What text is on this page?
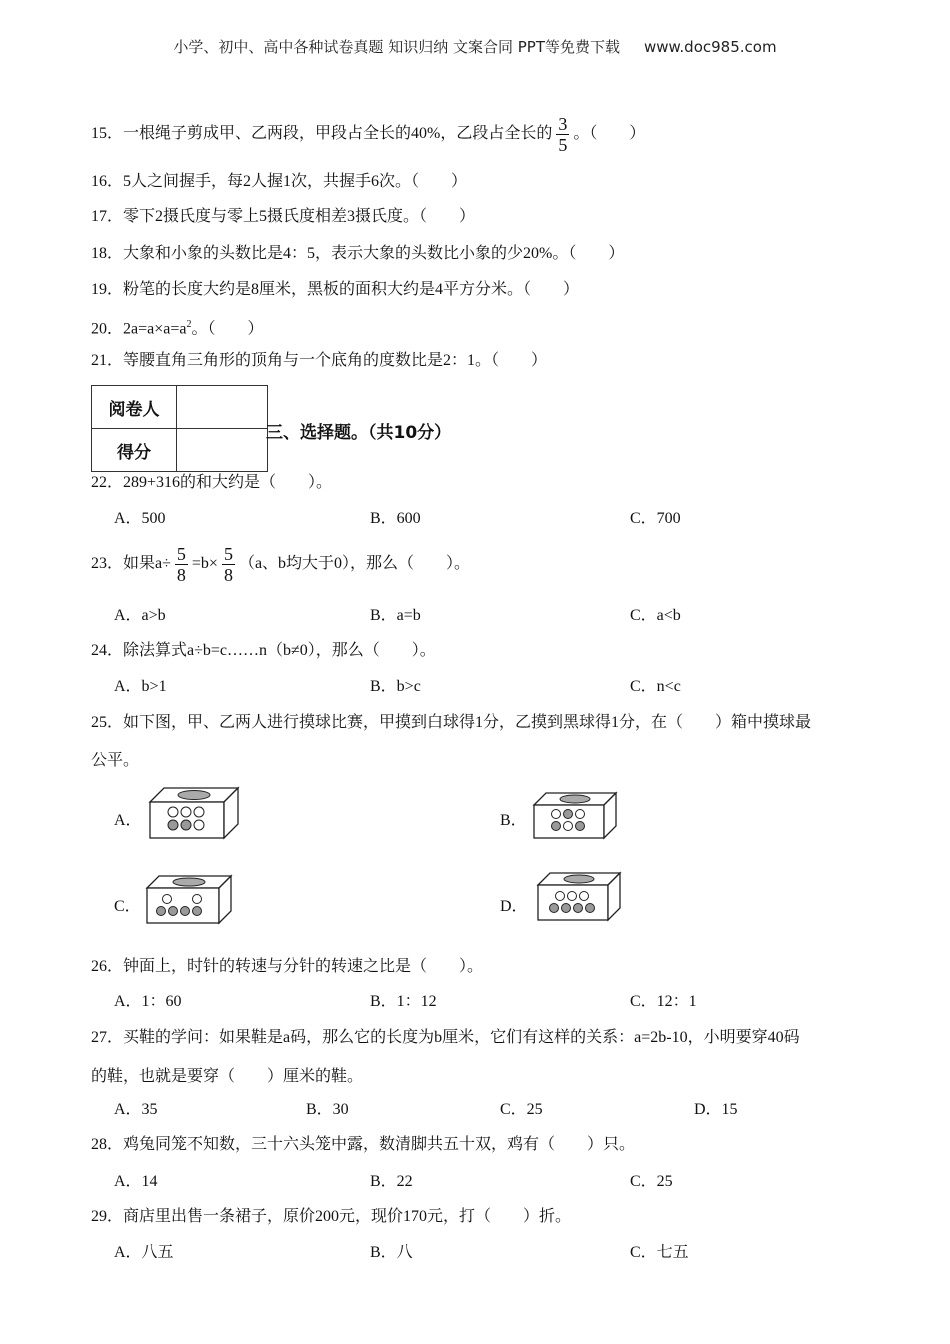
小学、初中、高中各种试卷真题 知识归纳 文案合同 PPT等免费下载 www.doc985.com
15．一根绳子剪成甲、乙两段，甲段占全长的40%，乙段占全长的 $\frac{3}{5}$ 。（　　）
16．5人之间握手，每2人握1次，共握手6次。（　　）
17．零下2摄氏度与零上5摄氏度相差3摄氏度。（　　）
18．大象和小象的头数比是4：5，表示大象的头数比小象的少20%。（　　）
19．粉笔的长度大约是8厘米，黑板的面积大约是4平方分米。（　　）
20．$2a=a\times a=a^2$。（　　）
21．等腰直角三角形的顶角与一个底角的度数比是2：1。（　　）
阅卷人	
得分	
三、选择题。（共10分）
22．289+316的和大约是（　　）。
A．500	B．600	C．700
23．如果$a\div \frac{5}{8} =b\times \frac{5}{8} (a$、b均大于0），那么（　　）。
A．a>b	B．a=b	C．a<b
24．除法算式a÷b=c……n（b≠0），那么（　　）。
A．b>1	B．b>c	C．n<c
25．如下图，甲、乙两人进行摸球比赛，甲摸到白球得1分，乙摸到黑球得1分，在（　　）箱中摸球最
公平。
A．	B．
C．	D．
26．钟面上，时针的转速与分针的转速之比是（　　）。
A．1：60	B．1：12	C．12：1
27．买鞋的学问：如果鞋是a码，那么它的长度为b厘米，它们有这样的关系：a=2b-10，小明要穿40码
的鞋，也就是要穿（　　）厘米的鞋。
A．35	B．30	C．25	D．15
28．鸡兔同笼不知数，三十六头笼中露，数清脚共五十双，鸡有（　　）只。
A．14	B．22	C．25
29．商店里出售一条裙子，原价200元，现价170元，打（　　）折。
A．八五	B．八	C．七五
